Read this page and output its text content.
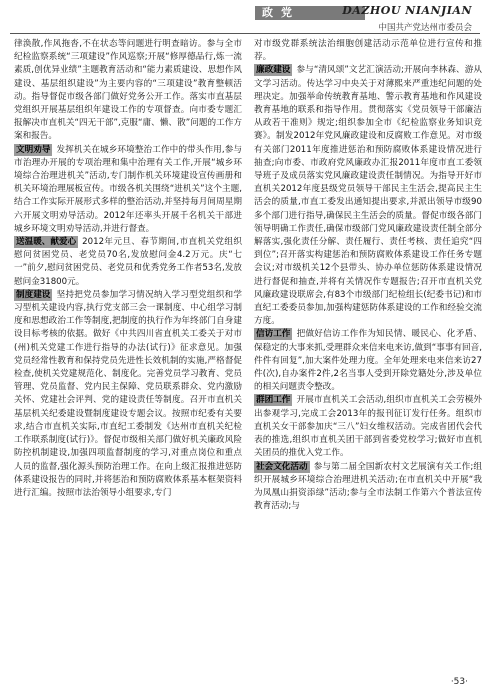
政党	DAZHOU NIANJIAN
中国共产党达州市委员会

律涣散,作风拖沓,不在状态等问题进行明查暗访。参与全市纪检监察系统“三项建设”作风巡察;开展“修厚德品行,炼一流素质,创优异业绩”主题教育活动和“能力素质建设、思想作风建设、基层组织建设”为主要内容的“三项建设”教育整顿活动。指导督促市级各部门做好党务公开工作。落实市直基层党组织开展基层组织年建设工作的专项督查。向市委专题汇报解决市直机关“四无干部”,克服“庸、懒、散”问题的工作方案和报告。

文明劝导 发挥机关在城乡环境整治工作中的带头作用,参与市治理办开展的专项治理和集中治理有关工作,开展“城乡环境综合治理进机关”活动,专门制作机关环境建设宣传画册和机关环境治理展板宣传。市级各机关围绕“进机关”这个主题,结合工作实际开展形式多样的整治活动,并坚持每月间周星期六开展文明劝导活动。2012年还率头开展千名机关干部进城乡环境文明劝导活动,并进行督查。

送温暖、献爱心 2012年元旦、春节期间,市直机关党组织慰问贫困党员、老党员70名,发放慰问金4.2万元。庆“七一”前夕,慰问贫困党员、老党员和优秀党务工作者53名,发放慰问金31800元。

制度建设 坚持把党员参加学习情况纳入学习型党组织和学习型机关建设内容,执行党支部三会一课制度、中心组学习制度和思想政治工作等制度,把制度的执行作为年终部门自身建设目标考核的依据。做好《中共四川省直机关工委关于对市(州)机关党建工作进行指导的办法(试行)》征求意见。加强党员经常性教育和保持党员先进性长效机制的实施,严格督促检查,使机关党建规范化、制度化。完善党员学习教育、党员管理、党员监督、党内民主保障、党员联系群众、党内激励关怀、党建社会评判、党的建设责任等制度。召开市直机关基层机关纪委建设暨制度建设专题会议。按照市纪委有关要求,结合市直机关实际,市直纪工委制发《达州市直机关纪检工作联系制度(试行)》。督促市级相关部门做好机关廉政风险防控机制建设,加强四项监督制度的学习,对重点岗位和重点人员的监督,强化源头预防治理工作。在向上级汇报推进惩防体系建设报告的同时,并将惩治和预防腐败体系基本框架资料进行汇编。按照市法治领导小组要求,专门

对市级党群系统法治细胞创建活动示范单位进行宣传和推荐。

廉政建设 参与“清风颂”文艺汇演活动;开展向李林森、游从文学习活动。传达学习中央关于对薄熙来严重违纪问题的处理决定。加强举命传统教育基地、警示教育基地和作风建设教育基地的联系和指导作用。贯彻落实《党员领导干部廉洁从政若干准则》规定;组织参加全市《纪检监察业务知识竞赛》。制发2012年党风廉政建设和反腐败工作意见。对市级有关部门2011年度推进惩治和预防腐败体系建设情况进行抽查;向市委、市政府党风廉政办汇报2011年度市直工委领导班子及成员落实党风廉政建设责任制情况。为指导开好市直机关2012年度县级党员领导干部民主生活会,提高民主生活会的质量,市直工委发出通知提出要求,并派出领导市级90多个部门进行指导,确保民主生活会的质量。督促市级各部门领导明确工作责任,确保市级部门党风廉政建设责任制全部分解落实,强化责任分解、责任履行、责任考核、责任追究“四到位”;召开落实构建惩治和预防腐败体系建设工作任务专题会议;对市级机关12个县带头、协办单位惩防体系建设情况进行督促和抽查,并将有关情况作专题报告;召开市直机关党风廉政建设联席会,有83个市级部门纪检组长(纪委书记)和市直纪工委委员参加,加强构建惩防体系建设的工作和经验交流方度。

信访工作 把做好信访工作作为知民情、暖民心、化矛盾、保稳定的大事来抓,受理群众来信来电来访,做到“事事有回音,件件有回复”,加大案件处理力度。全年处理来电来信来访27件(次),自办案件2件,2名当事人受到开除党籍处分,涉及单位的相关问题责令整改。

群团工作 开展市直机关工会活动,组织市直机关工会劳模外出参观学习,完成工会2013年的报刊征订发行任务。组织市直机关女干部参加庆“三八”妇女维权活动。完成省团代会代表的推选,组织市直机关团干部到省委党校学习;做好市直机关团员的推优入党工作。

社会文化活动 参与第二届全国新农村文艺展演有关工作;组织开展城乡环境综合治理进机关活动;在市直机关中开展“我为凤凰山捐资添绿”活动;参与全市法制工作第六个普法宣传教育活动;与

·53·
